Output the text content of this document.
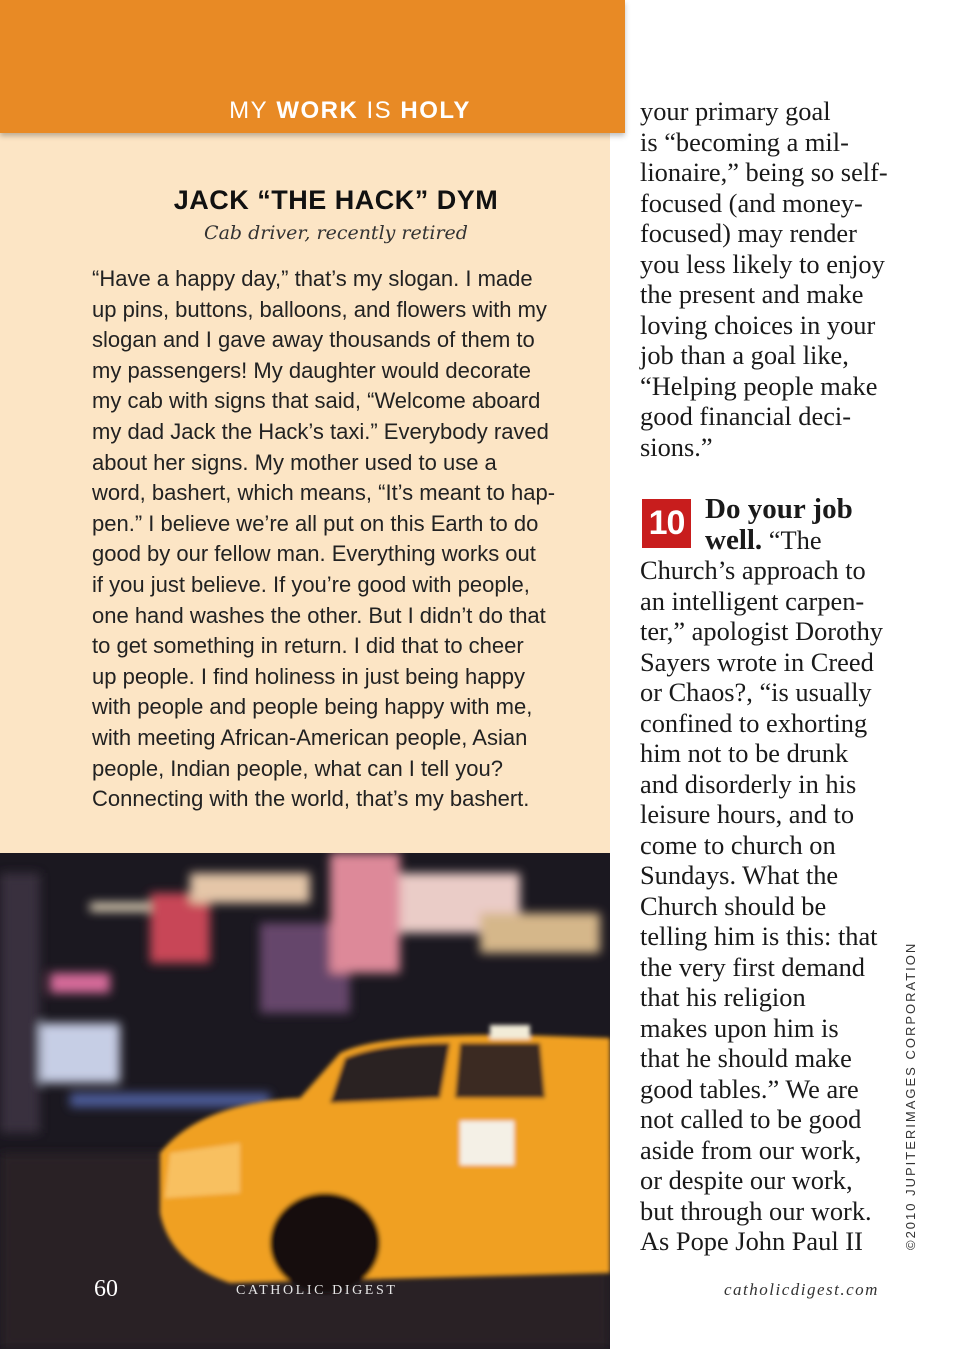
MY WORK IS HOLY
JACK “THE HACK” DYM
Cab driver, recently retired
“Have a happy day,” that’s my slogan. I made
up pins, buttons, balloons, and flowers with my
slogan and I gave away thousands of them to
my passengers! My daughter would decorate
my cab with signs that said, “Welcome aboard
my dad Jack the Hack’s taxi.” Everybody raved
about her signs. My mother used to use a
word, bashert, which means, “It’s meant to hap-
pen.” I believe we’re all put on this Earth to do
good by our fellow man. Everything works out
if you just believe. If you’re good with people,
one hand washes the other. But I didn’t do that
to get something in return. I did that to cheer
up people. I find holiness in just being happy
with people and people being happy with me,
with meeting African-American people, Asian
people, Indian people, what can I tell you?
Connecting with the world, that’s my bashert.
60	CATHOLIC DIGEST
your primary goal
is “becoming a mil-
lionaire,” being so self-
focused (and money-
focused) may render
you less likely to enjoy
the present and make
loving choices in your
job than a goal like,
“Helping people make
good financial deci-
sions.”
10 Do your job
well. “The
Church’s approach to
an intelligent carpen-
ter,” apologist Dorothy
Sayers wrote in Creed
or Chaos?, “is usually
confined to exhorting
him not to be drunk
and disorderly in his
leisure hours, and to
come to church on
Sundays. What the
Church should be
telling him is this: that
the very first demand
that his religion
makes upon him is
that he should make
good tables.” We are
not called to be good
aside from our work,
or despite our work,
but through our work.
As Pope John Paul II	©2010 JUPITERIMAGES CORPORATION
catholicdigest.com
